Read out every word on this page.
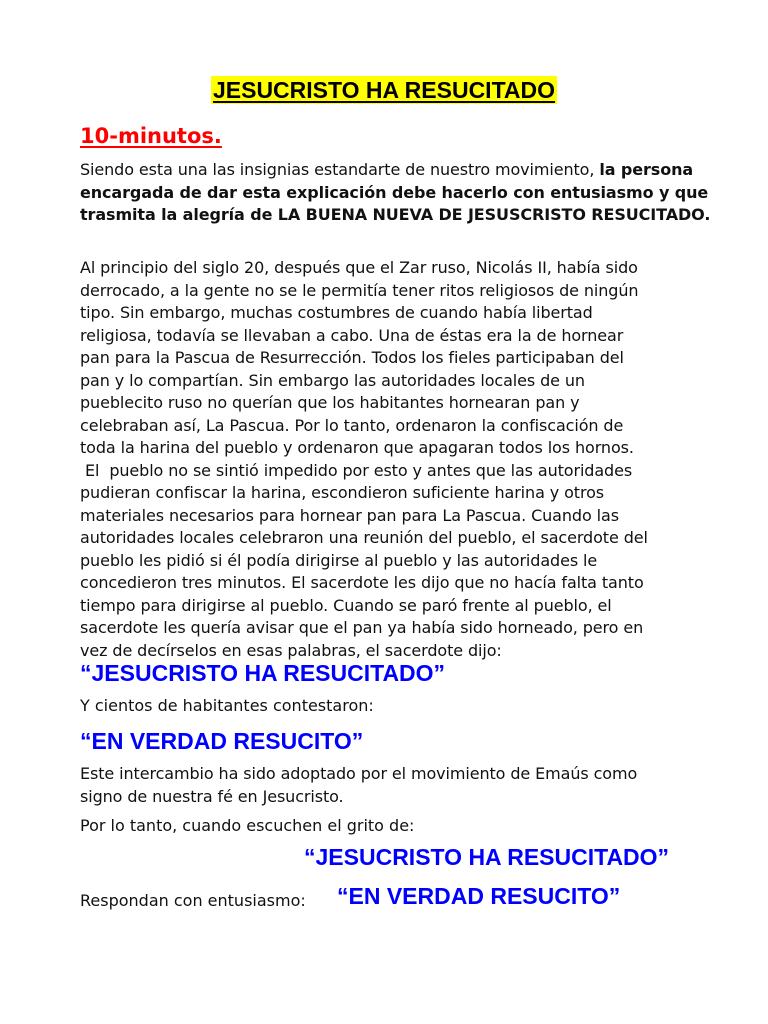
JESUCRISTO HA RESUCITADO
10-minutos.

Siendo esta una las insignias estandarte de nuestro movimiento, la persona encargada de dar esta explicación debe hacerlo con entusiasmo y que trasmita la alegría de LA BUENA NUEVA DE JESUSCRISTO RESUCITADO.

Al principio del siglo 20, después que el Zar ruso, Nicolás II, había sido
derrocado, a la gente no se le permitía tener ritos religiosos de ningún
tipo. Sin embargo, muchas costumbres de cuando había libertad
religiosa, todavía se llevaban a cabo. Una de éstas era la de hornear
pan para la Pascua de Resurrección. Todos los fieles participaban del
pan y lo compartían. Sin embargo las autoridades locales de un
pueblecito ruso no querían que los habitantes hornearan pan y
celebraban así, La Pascua. Por lo tanto, ordenaron la confiscación de
toda la harina del pueblo y ordenaron que apagaran todos los hornos.
El  pueblo no se sintió impedido por esto y antes que las autoridades
pudieran confiscar la harina, escondieron suficiente harina y otros
materiales necesarios para hornear pan para La Pascua. Cuando las
autoridades locales celebraron una reunión del pueblo, el sacerdote del
pueblo les pidió si él podía dirigirse al pueblo y las autoridades le
concedieron tres minutos. El sacerdote les dijo que no hacía falta tanto
tiempo para dirigirse al pueblo. Cuando se paró frente al pueblo, el
sacerdote les quería avisar que el pan ya había sido horneado, pero en
vez de decírselos en esas palabras, el sacerdote dijo:
“JESUCRISTO HA RESUCITADO”
Y cientos de habitantes contestaron:
“EN VERDAD RESUCITO”
Este intercambio ha sido adoptado por el movimiento de Emaús como
signo de nuestra fé en Jesucristo.
Por lo tanto, cuando escuchen el grito de:
“JESUCRISTO HA RESUCITADO”
Respondan con entusiasmo: “EN VERDAD RESUCITO”
